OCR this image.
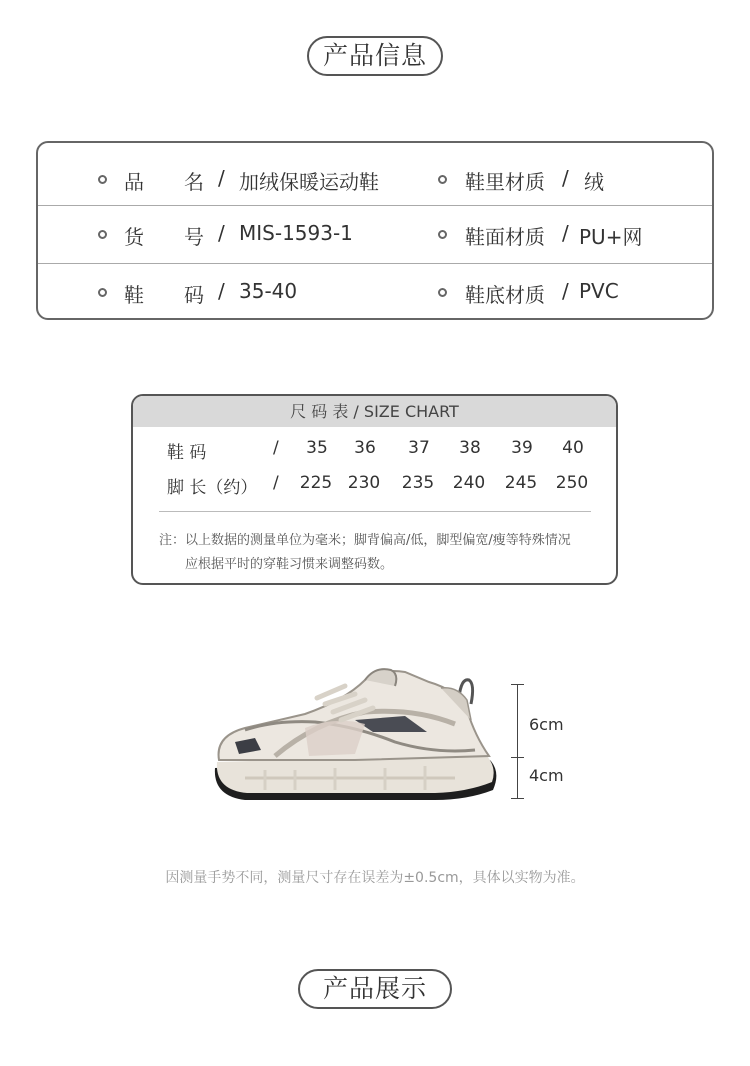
产品信息
品　　名 / 加绒保暖运动鞋	鞋里材质 / 绒
货　　号 / MIS-1593-1	鞋面材质 / PU+网
鞋　　码 / 35-40	鞋底材质 / PVC
尺 码 表 / SIZE CHART
鞋 码	/ 35 36 37 38 39 40
脚 长（约） / 225 230 235 240 245 250
注：以上数据的测量单位为毫米；脚背偏高/低，脚型偏宽/瘦等特殊情况
应根据平时的穿鞋习惯来调整码数。
6cm
4cm
因测量手势不同，测量尺寸存在误差为±0.5cm，具体以实物为准。
产品展示
